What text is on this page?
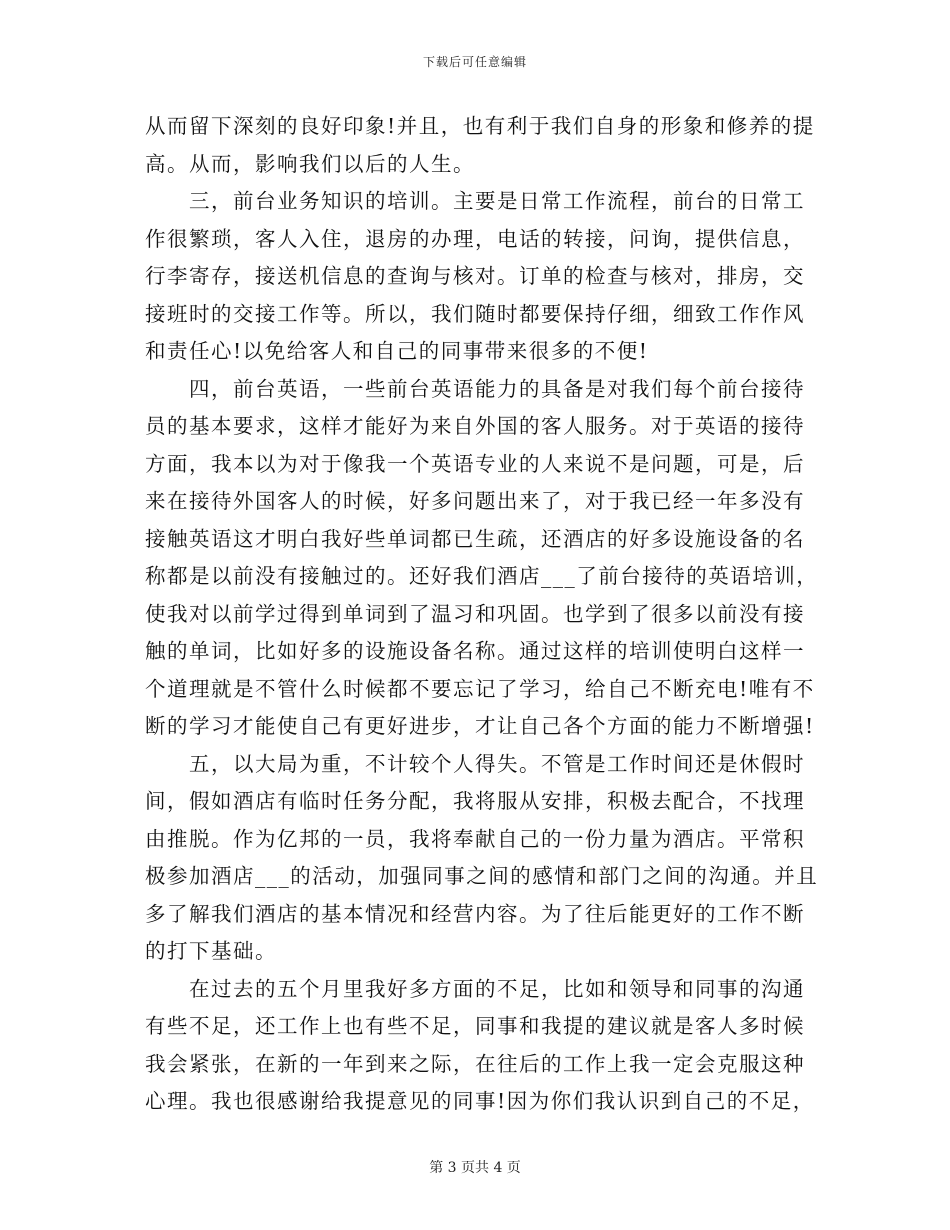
下载后可任意编辑
从而留下深刻的良好印象!并且，也有利于我们自身的形象和修养的提
高。从而，影响我们以后的人生。
三，前台业务知识的培训。主要是日常工作流程，前台的日常工
作很繁琐，客人入住，退房的办理，电话的转接，问询，提供信息，
行李寄存，接送机信息的查询与核对。订单的检查与核对，排房，交
接班时的交接工作等。所以，我们随时都要保持仔细，细致工作作风
和责任心!以免给客人和自己的同事带来很多的不便!
四，前台英语，一些前台英语能力的具备是对我们每个前台接待
员的基本要求，这样才能好为来自外国的客人服务。对于英语的接待
方面，我本以为对于像我一个英语专业的人来说不是问题，可是，后
来在接待外国客人的时候，好多问题出来了，对于我已经一年多没有
接触英语这才明白我好些单词都已生疏，还酒店的好多设施设备的名
称都是以前没有接触过的。还好我们酒店___了前台接待的英语培训，
使我对以前学过得到单词到了温习和巩固。也学到了很多以前没有接
触的单词，比如好多的设施设备名称。通过这样的培训使明白这样一
个道理就是不管什么时候都不要忘记了学习，给自己不断充电!唯有不
断的学习才能使自己有更好进步，才让自己各个方面的能力不断增强!
五，以大局为重，不计较个人得失。不管是工作时间还是休假时
间，假如酒店有临时任务分配，我将服从安排，积极去配合，不找理
由推脱。作为亿邦的一员，我将奉献自己的一份力量为酒店。平常积
极参加酒店___的活动，加强同事之间的感情和部门之间的沟通。并且
多了解我们酒店的基本情况和经营内容。为了往后能更好的工作不断
的打下基础。
在过去的五个月里我好多方面的不足，比如和领导和同事的沟通
有些不足，还工作上也有些不足，同事和我提的建议就是客人多时候
我会紧张，在新的一年到来之际，在往后的工作上我一定会克服这种
心理。我也很感谢给我提意见的同事!因为你们我认识到自己的不足，
第 3 页共 4 页
